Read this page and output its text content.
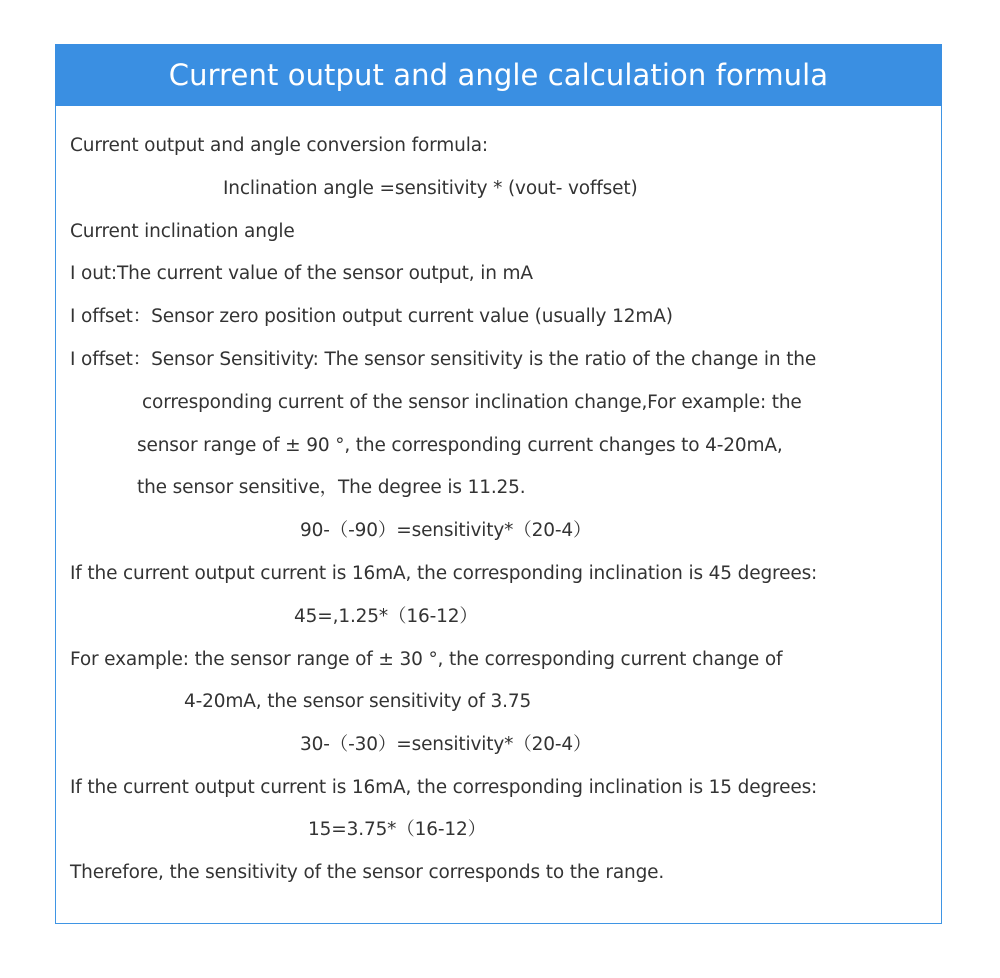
Current output and angle calculation formula

Current output and angle conversion formula:

Inclination angle =sensitivity * (vout- voffset)

Current inclination angle

I out:The current value of the sensor output, in mA

I offset：Sensor zero position output current value (usually 12mA)

I offset：Sensor Sensitivity: The sensor sensitivity is the ratio of the change in the

corresponding current of the sensor inclination change,For example: the

sensor range of ± 90 °, the corresponding current changes to 4-20mA,

the sensor sensitive，The degree is 11.25.

90-（-90）=sensitivity*（20-4）

If the current output current is 16mA, the corresponding inclination is 45 degrees:

45=,1.25*（16-12）

For example: the sensor range of ± 30 °, the corresponding current change of

4-20mA, the sensor sensitivity of 3.75

30-（-30）=sensitivity*（20-4）

If the current output current is 16mA, the corresponding inclination is 15 degrees:

15=3.75*（16-12）

Therefore, the sensitivity of the sensor corresponds to the range.
